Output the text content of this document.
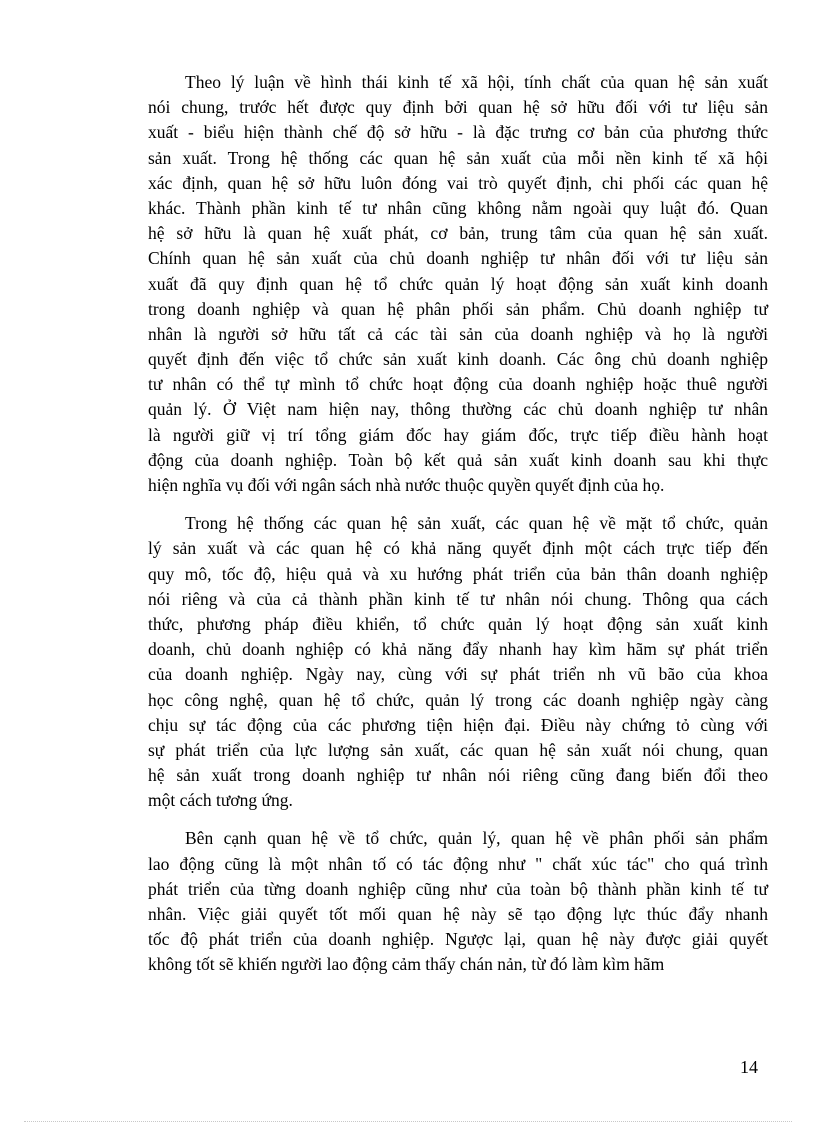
Theo lý luận về hình thái kinh tế xã hội, tính chất của quan hệ sản xuất
nói chung, trước hết được quy định bởi quan hệ sở hữu đối với tư liệu sản
xuất - biểu hiện thành chế độ sở hữu - là đặc trưng cơ bản của phương thức
sản xuất. Trong hệ thống các quan hệ sản xuất của mỗi nền kinh tế xã hội
xác định, quan hệ sở hữu luôn đóng vai trò quyết định, chi phối các quan hệ
khác. Thành phần kinh tế tư nhân cũng không nằm ngoài quy luật đó. Quan
hệ sở hữu là quan hệ xuất phát, cơ bản, trung tâm của quan hệ sản xuất.
Chính quan hệ sản xuất của chủ doanh nghiệp tư nhân đối với tư liệu sản
xuất đã quy định quan hệ tổ chức quản lý hoạt động sản xuất kinh doanh
trong doanh nghiệp và quan hệ phân phối sản phẩm. Chủ doanh nghiệp tư
nhân là người sở hữu tất cả các tài sản của doanh nghiệp và họ là người
quyết định đến việc tổ chức sản xuất kinh doanh. Các ông chủ doanh nghiệp
tư nhân có thể tự mình tổ chức hoạt động của doanh nghiệp hoặc thuê người
quản lý. Ở Việt nam hiện nay, thông thường các chủ doanh nghiệp tư nhân
là người giữ vị trí tổng giám đốc hay giám đốc, trực tiếp điều hành hoạt
động của doanh nghiệp. Toàn bộ kết quả sản xuất kinh doanh sau khi thực
hiện nghĩa vụ đối với ngân sách nhà nước thuộc quyền quyết định của họ.
Trong hệ thống các quan hệ sản xuất, các quan hệ về mặt tổ chức, quản
lý sản xuất và các quan hệ có khả năng quyết định một cách trực tiếp đến
quy mô, tốc độ, hiệu quả và xu hướng phát triển của bản thân doanh nghiệp
nói riêng và của cả thành phần kinh tế tư nhân nói chung. Thông qua cách
thức, phương pháp điều khiển, tổ chức quản lý hoạt động sản xuất kinh
doanh, chủ doanh nghiệp có khả năng đẩy nhanh hay kìm hãm sự phát triển
của doanh nghiệp. Ngày nay, cùng với sự phát triển nh vũ bão của khoa
học công nghệ, quan hệ tổ chức, quản lý trong các doanh nghiệp ngày càng
chịu sự tác động của các phương tiện hiện đại. Điều này chứng tỏ cùng với
sự phát triển của lực lượng sản xuất, các quan hệ sản xuất nói chung, quan
hệ sản xuất trong doanh nghiệp tư nhân nói riêng cũng đang biến đổi theo
một cách tương ứng.
Bên cạnh quan hệ về tổ chức, quản lý, quan hệ về phân phối sản phẩm
lao động cũng là một nhân tố có tác động như " chất xúc tác" cho quá trình
phát triển của từng doanh nghiệp cũng như của toàn bộ thành phần kinh tế tư
nhân. Việc giải quyết tốt mối quan hệ này sẽ tạo động lực thúc đẩy nhanh
tốc độ phát triển của doanh nghiệp. Ngược lại, quan hệ này được giải quyết
không tốt sẽ khiến người lao động cảm thấy chán nản, từ đó làm kìm hãm
14
